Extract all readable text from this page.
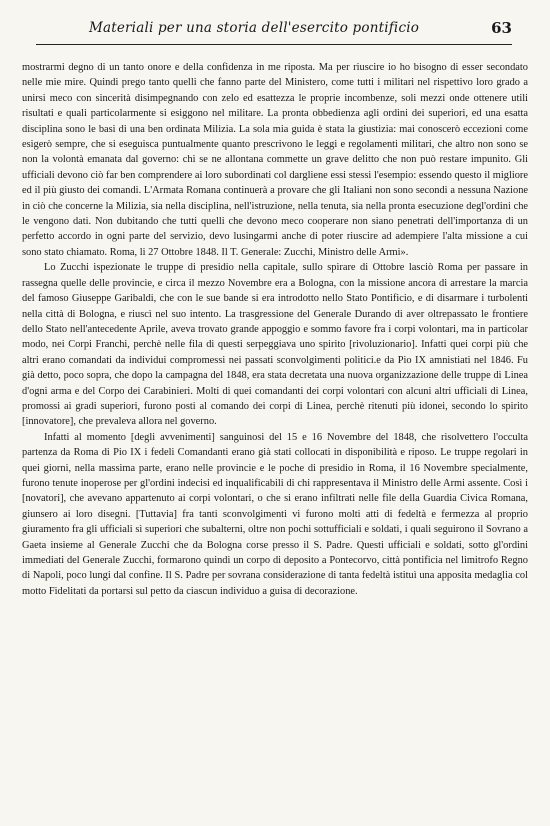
Materiali per una storia dell'esercito pontificio	63

mostrarmi degno di un tanto onore e della confidenza in me riposta. Ma per riuscire io ho bisogno di esser secondato nelle mie mire. Quindi prego tanto quelli che fanno parte del Ministero, come tutti i militari nel rispettivo loro grado a unirsi meco con sincerità disimpegnando con zelo ed esattezza le proprie incombenze, soli mezzi onde ottenere utili risultati e quali particolarmente si esiggono nel militare. La pronta obbedienza agli ordini dei superiori, ed una esatta disciplina sono le basi di una ben ordinata Milizia. La sola mia guida è stata la giustizia: mai conoscerò eccezioni come esigerò sempre, che si eseguisca puntualmente quanto prescrivono le leggi e regolamenti militari, che altro non sono se non la volontà emanata dal governo: chi se ne allontana commette un grave delitto che non può restare impunito. Gli ufficiali devono ciò far ben comprendere ai loro subordinati col dargliene essi stessi l'esempio: essendo questo il migliore ed il più giusto dei comandi. L'Armata Romana continuerà a provare che gli Italiani non sono secondi a nessuna Nazione in ciò che concerne la Milizia, sia nella disciplina, nell'istruzione, nella tenuta, sia nella pronta esecuzione degl'ordini che le vengono dati. Non dubitando che tutti quelli che devono meco cooperare non siano penetrati dell'importanza di un perfetto accordo in ogni parte del servizio, devo lusingarmi anche di poter riuscire ad adempiere l'alta missione a cui sono stato chiamato. Roma, li 27 Ottobre 1848. Il T. Generale: Zucchi, Ministro delle Armi».

Lo Zucchi ispezionate le truppe di presidio nella capitale, sullo spirare di Ottobre lasciò Roma per passare in rassegna quelle delle provincie, e circa il mezzo Novembre era a Bologna, con la missione ancora di arrestare la marcia del famoso Giuseppe Garibaldi, che con le sue bande si era introdotto nello Stato Pontificio, e di disarmare i turbolenti nella città di Bologna, e riuscì nel suo intento. La trasgressione del Generale Durando di aver oltrepassato le frontiere dello Stato nell'antecedente Aprile, aveva trovato grande appoggio e sommo favore fra i corpi volontari, ma in particolar modo, nei Corpi Franchi, perchè nelle fila di questi serpeggiava uno spirito [rivoluzionario]. Infatti quei corpi più che altri erano comandati da individui compromessi nei passati sconvolgimenti politici.e da Pio IX amnistiati nel 1846. Fu già detto, poco sopra, che dopo la campagna del 1848, era stata decretata una nuova organizzazione delle truppe di Linea d'ogni arma e del Corpo dei Carabinieri. Molti di quei comandanti dei corpi volontari con alcuni altri ufficiali di Linea, promossi ai gradi superiori, furono posti al comando dei corpi di Linea, perchè ritenuti più idonei, secondo lo spirito [innovatore], che prevaleva allora nel governo.

Infatti al momento [degli avvenimenti] sanguinosi del 15 e 16 Novembre del 1848, che risolvettero l'occulta partenza da Roma di Pio IX i fedeli Comandanti erano già stati collocati in disponibilità e riposo. Le truppe regolari in quei giorni, nella massima parte, erano nelle provincie e le poche di presidio in Roma, il 16 Novembre specialmente, furono tenute inoperose per gl'ordini indecisi ed inqualificabili di chi rappresentava il Ministro delle Armi assente. Così i [novatori], che avevano appartenuto ai corpi volontari, o che si erano infiltrati nelle file della Guardia Civica Romana, giunsero ai loro disegni. [Tuttavia] fra tanti sconvolgimenti vi furono molti atti di fedeltà e fermezza al proprio giuramento fra gli ufficiali sì superiori che subalterni, oltre non pochi sottufficiali e soldati, i quali seguirono il Sovrano a Gaeta insieme al Generale Zucchi che da Bologna corse presso il S. Padre. Questi ufficiali e soldati, sotto gl'ordini immediati del Generale Zucchi, formarono quindi un corpo di deposito a Pontecorvo, città pontificia nel limitrofo Regno di Napoli, poco lungi dal confine. Il S. Padre per sovrana considerazione di tanta fedeltà istituì una apposita medaglia col motto Fidelitati da portarsi sul petto da ciascun individuo a guisa di decorazione.
